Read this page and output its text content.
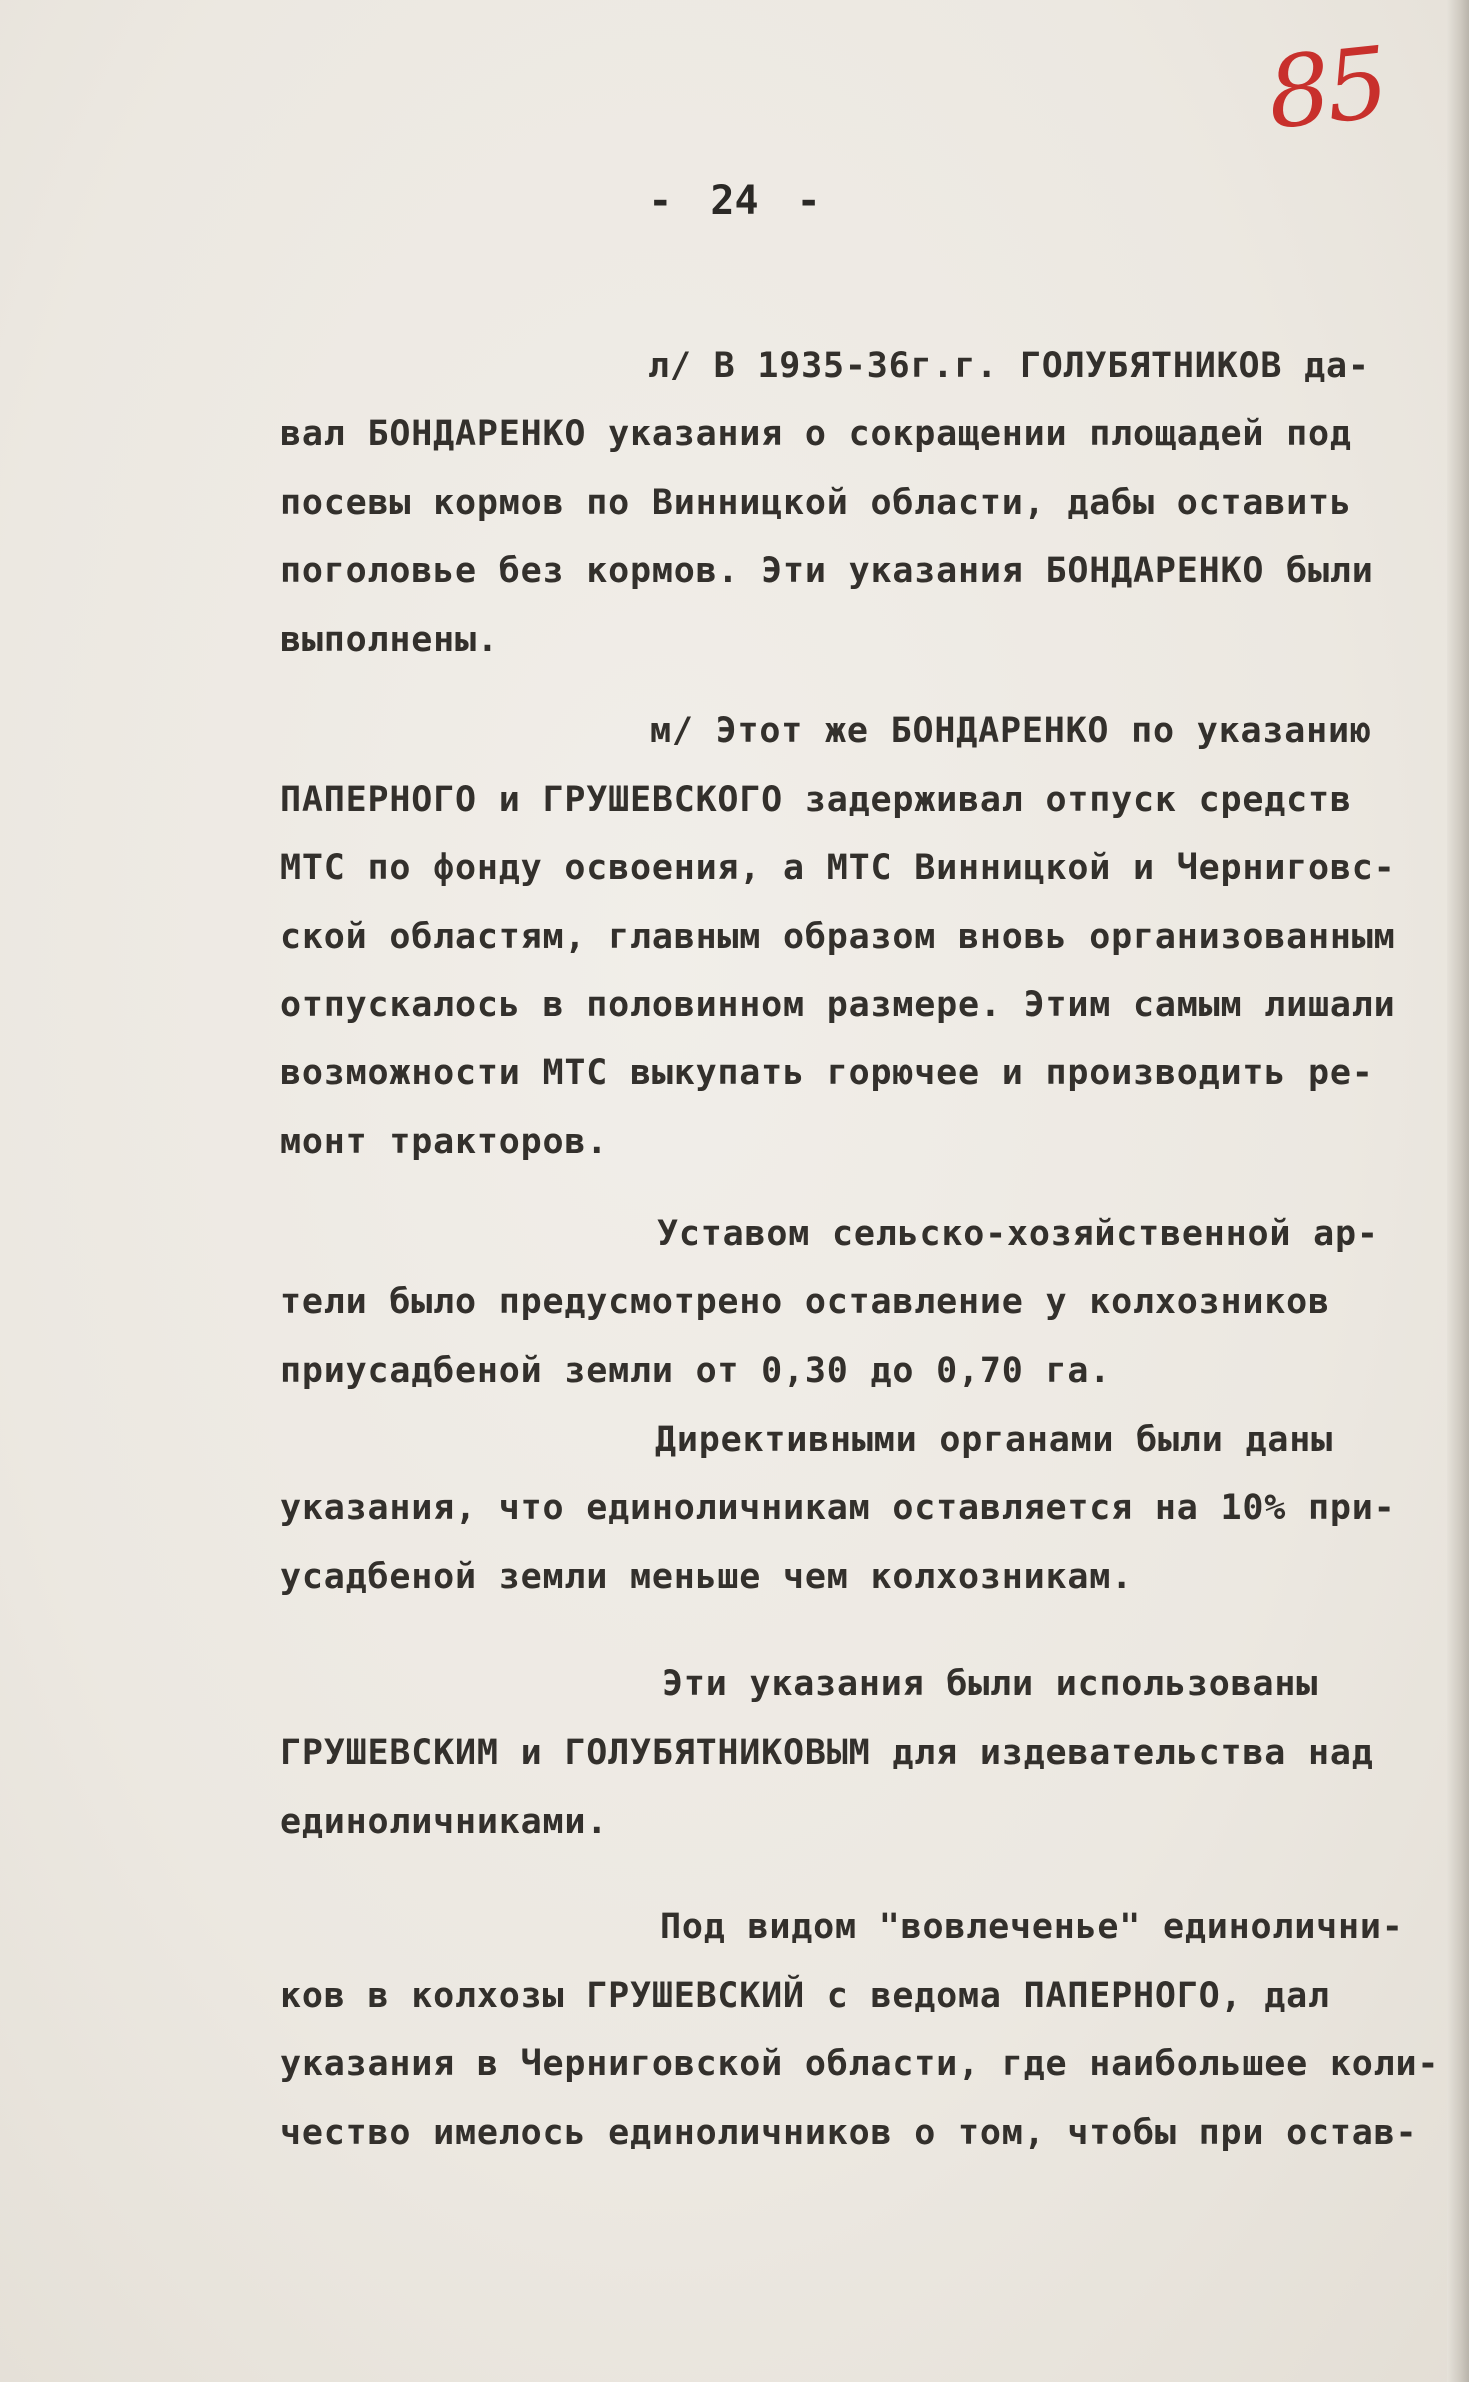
85
- 24 -
л/ В 1935-36г.г. ГОЛУБЯТНИКОВ да-
вал БОНДАРЕНКО указания о сокращении площадей под
посевы кормов по Винницкой области, дабы оставить
поголовье без кормов. Эти указания БОНДАРЕНКО были
выполнены.
м/ Этот же БОНДАРЕНКО по указанию
ПАПЕРНОГО и ГРУШЕВСКОГО задерживал отпуск средств
МТС по фонду освоения, а МТС Винницкой и Черниговс-
ской областям, главным образом вновь организованным
отпускалось в половинном размере. Этим самым лишали
возможности МТС выкупать горючее и производить ре-
монт тракторов.
Уставом сельско-хозяйственной ар-
тели было предусмотрено оставление у колхозников
приусадбеной земли от 0,30 до 0,70 га.
Директивными органами были даны
указания, что единоличникам оставляется на 10% при-
усадбеной земли меньше чем колхозникам.
Эти указания были использованы
ГРУШЕВСКИМ и ГОЛУБЯТНИКОВЫМ для издевательства над
единоличниками.
Под видом "вовлеченье" единолични-
ков в колхозы ГРУШЕВСКИЙ с ведома ПАПЕРНОГО, дал
указания в Черниговской области, где наибольшее коли-
чество имелось единоличников о том, чтобы при остав-
